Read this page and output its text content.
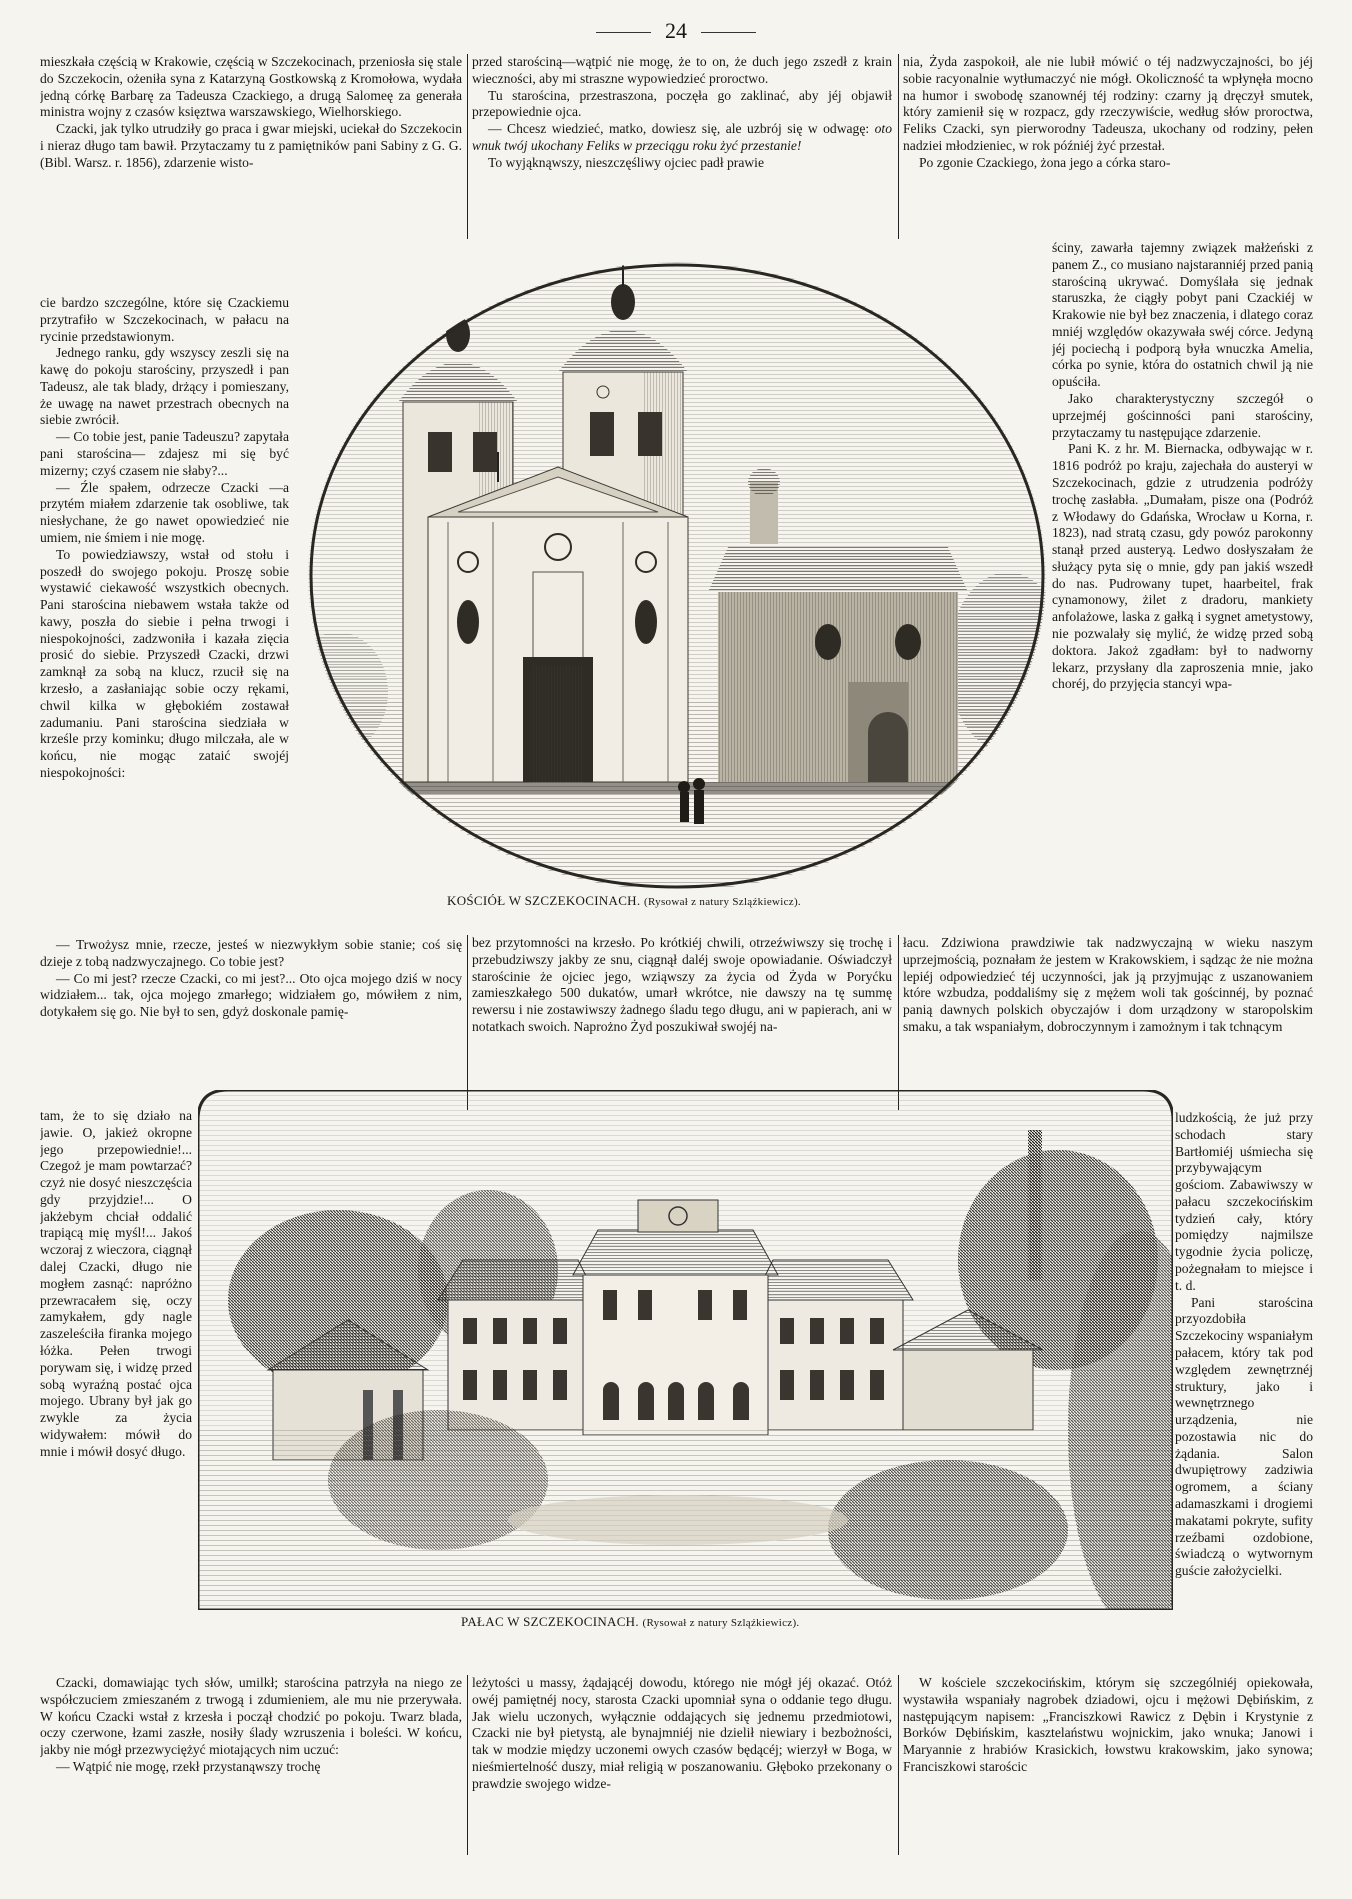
24

mieszkała częścią w Krakowie, częścią w Szczekocinach, przeniosła się stale do Szczekocin, ożeniła syna z Katarzyną Gostkowską z Kromołowa, wydała jedną córkę Barbarę za Tadeusza Czackiego, a drugą Salomeę za generała ministra wojny z czasów księztwa warszawskiego, Wielhorskiego.

Czacki, jak tylko utrudziły go praca i gwar miejski, uciekał do Szczekocin i nieraz długo tam bawił. Przytaczamy tu z pamiętników pani Sabiny z G. G. (Bibl. Warsz. r. 1856), zdarzenie wisto-

cie bardzo szczególne, które się Czackiemu przytrafiło w Szczekocinach, w pałacu na rycinie przedstawionym.

Jednego ranku, gdy wszyscy zeszli się na kawę do pokoju starościny, przyszedł i pan Tadeusz, ale tak blady, drżący i pomieszany, że uwagę na nawet przestrach obecnych na siebie zwrócił.

— Co tobie jest, panie Tadeuszu? zapytała pani starościna— zdajesz mi się być mizerny; czyś czasem nie słaby?...

— Źle spałem, odrzecze Czacki —a przytém miałem zdarzenie tak osobliwe, tak niesłychane, że go nawet opowiedzieć nie umiem, nie śmiem i nie mogę.

To powiedziawszy, wstał od stołu i poszedł do swojego pokoju. Proszę sobie wystawić ciekawość wszystkich obecnych. Pani starościna niebawem wstała także od kawy, poszła do siebie i pełna trwogi i niespokojności, zadzwoniła i kazała zięcia prosić do siebie. Przyszedł Czacki, drzwi zamknął za sobą na klucz, rzucił się na krzesło, a zasłaniając sobie oczy rękami, chwil kilka w głębokiém zostawał zadumaniu. Pani starościna siedziała w krześle przy kominku; długo milczała, ale w końcu, nie mogąc zataić swojéj niespokojności:

— Trwożysz mnie, rzecze, jesteś w niezwykłym sobie stanie; coś się dzieje z tobą nadzwyczajnego. Co tobie jest?

— Co mi jest? rzecze Czacki, co mi jest?... Oto ojca mojego dziś w nocy widziałem... tak, ojca mojego zmarłego; widziałem go, mówiłem z nim, dotykałem się go. Nie był to sen, gdyż doskonale pamię-

tam, że to się działo na jawie. O, jakież okropne jego przepowiednie!... Czegoż je mam powtarzać? czyż nie dosyć nieszczęścia gdy przyjdzie!... O jakżebym chciał oddalić trapiącą mię myśl!... Jakoś wczoraj z wieczora, ciągnął dalej Czacki, długo nie mogłem zasnąć: napróżno przewracałem się, oczy zamykałem, gdy nagle zaszeleściła firanka mojego łóżka. Pełen trwogi porywam się, i widzę przed sobą wyraźną postać ojca mojego. Ubrany był jak go zwykle za życia widywałem: mówił do mnie i mówił dosyć długo.

Czacki, domawiając tych słów, umilkł; starościna patrzyła na niego ze współczuciem zmieszaném z trwogą i zdumieniem, ale mu nie przerywała. W końcu Czacki wstał z krzesła i począł chodzić po pokoju. Twarz blada, oczy czerwone, łzami zaszłe, nosiły ślady wzruszenia i boleści. W końcu, jakby nie mógł przezwyciężyć miotających nim uczuć:

— Wątpić nie mogę, rzekł przystanąwszy trochę

przed starościną—wątpić nie mogę, że to on, że duch jego zszedł z krain wieczności, aby mi straszne wypowiedzieć proroctwo.

Tu starościna, przestraszona, poczęła go zaklinać, aby jéj objawił przepowiednie ojca.

— Chcesz wiedzieć, matko, dowiesz się, ale uzbrój się w odwagę: oto wnuk twój ukochany Feliks w przeciągu roku żyć przestanie!

To wyjąknąwszy, nieszczęśliwy ojciec padł prawie

bez przytomności na krzesło. Po krótkiéj chwili, otrzeźwiwszy się trochę i przebudziwszy jakby ze snu, ciągnął daléj swoje opowiadanie. Oświadczył starościnie że ojciec jego, wziąwszy za życia od Żyda w Poryćku zamieszkałego 500 dukatów, umarł wkrótce, nie dawszy na tę summę rewersu i nie zostawiwszy żadnego śladu tego długu, ani w papierach, ani w notatkach swoich. Naprożno Żyd poszukiwał swojéj na-

leżytości u massy, żądającéj dowodu, którego nie mógł jéj okazać. Otóż owéj pamiętnéj nocy, starosta Czacki upomniał syna o oddanie tego długu. Jak wielu uczonych, wyłącznie oddających się jednemu przedmiotowi, Czacki nie był pietystą, ale bynajmniéj nie dzielił niewiary i bezbożności, tak w modzie między uczonemi owych czasów będącéj; wierzył w Boga, w nieśmiertelność duszy, miał religią w poszanowaniu. Głęboko przekonany o prawdzie swojego widze-

nia, Żyda zaspokoił, ale nie lubił mówić o téj nadzwyczajności, bo jéj sobie racyonalnie wytłumaczyć nie mógł. Okoliczność ta wpłynęła mocno na humor i swobodę szanownéj téj rodziny: czarny ją dręczył smutek, który zamienił się w rozpacz, gdy rzeczywiście, według słów proroctwa, Feliks Czacki, syn pierworodny Tadeusza, ukochany od rodziny, pełen nadziei młodzieniec, w rok późniéj żyć przestał.

Po zgonie Czackiego, żona jego a córka staro-

ściny, zawarła tajemny związek małżeński z panem Z., co musiano najstaranniéj przed panią starościną ukrywać. Domyślała się jednak staruszka, że ciągły pobyt pani Czackiéj w Krakowie nie był bez znaczenia, i dlatego coraz mniéj względów okazywała swéj córce. Jedyną jéj pociechą i podporą była wnuczka Amelia, córka po synie, która do ostatnich chwil ją nie opuściła.

Jako charakterystyczny szczegół o uprzejméj gościnności pani starościny, przytaczamy tu następujące zdarzenie.

Pani K. z hr. M. Biernacka, odbywając w r. 1816 podróż po kraju, zajechała do austeryi w Szczekocinach, gdzie z utrudzenia podróży trochę zasłabła. „Dumałam, pisze ona (Podróż z Włodawy do Gdańska, Wrocław u Korna, r. 1823), nad stratą czasu, gdy powóz parokonny stanął przed austeryą. Ledwo dosłyszałam że służący pyta się o mnie, gdy pan jakiś wszedł do nas. Pudrowany tupet, haarbeitel, frak cynamonowy, żilet z dradoru, mankiety anfolażowe, laska z gałką i sygnet ametystowy, nie pozwalały się mylić, że widzę przed sobą doktora. Jakoż zgadłam: był to nadworny lekarz, przysłany dla zaproszenia mnie, jako choréj, do przyjęcia stancyi wpa-

łacu. Zdziwiona prawdziwie tak nadzwyczajną w wieku naszym uprzejmością, poznałam że jestem w Krakowskiem, i sądząc że nie można lepiéj odpowiedzieć téj uczynności, jak ją przyjmując z uszanowaniem które wzbudza, poddaliśmy się z mężem woli tak gościnnéj, by poznać panią dawnych polskich obyczajów i dom urządzony w staropolskim smaku, a tak wspaniałym, dobroczynnym i zamożnym i tak tchnącym

ludzkością, że już przy schodach stary Bartłomiéj uśmiecha się przybywającym gościom. Zabawiwszy w pałacu szczekocińskim tydzień cały, który pomiędzy najmilsze tygodnie życia policzę, pożegnałam to miejsce i t. d.

Pani starościna przyozdobiła Szczekociny wspaniałym pałacem, który tak pod względem zewnętrznéj struktury, jako i wewnętrznego urządzenia, nie pozostawia nic do żądania. Salon dwupiętrowy zadziwia ogromem, a ściany adamaszkami i drogiemi makatami pokryte, sufity rzeźbami ozdobione, świadczą o wytwornym guście założycielki.

W kościele szczekocińskim, którym się szczególniéj opiekowała, wystawiła wspaniały nagrobek dziadowi, ojcu i mężowi Dębińskim, z następującym napisem: „Franciszkowi Rawicz z Dębin i Krystynie z Borków Dębińskim, kasztelaństwu wojnickim, jako wnuka; Janowi i Maryannie z hrabiów Krasickich, łowstwu krakowskim, jako synowa; Franciszkowi starościc

KOŚCIÓŁ W SZCZEKOCINACH. (Rysował z natury Szląźkiewicz).
PAŁAC W SZCZEKOCINACH. (Rysował z natury Szląźkiewicz).
